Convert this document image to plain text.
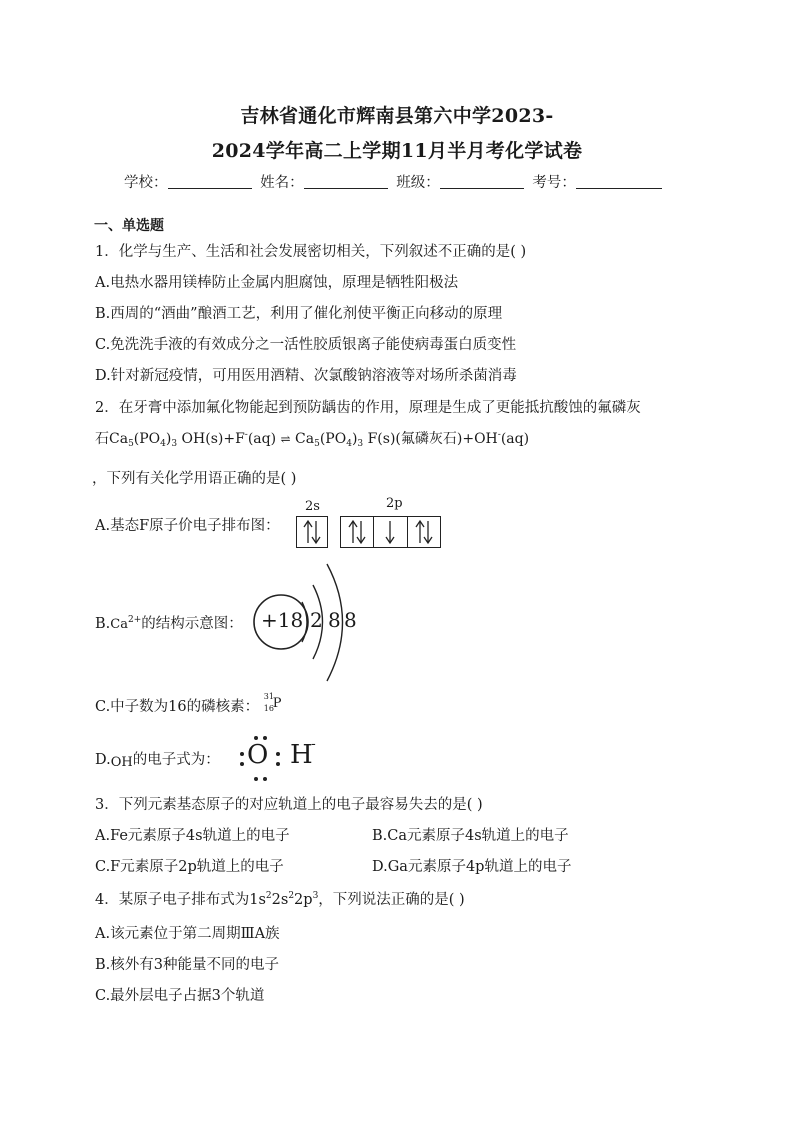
吉林省通化市辉南县第六中学2023-
2024学年高二上学期11月半月考化学试卷
学校：	姓名：	班级：	考号：
一、单选题
1．化学与生产、生活和社会发展密切相关，下列叙述不正确的是( )
A.电热水器用镁棒防止金属内胆腐蚀，原理是牺牲阳极法
B.西周的“酒曲”酿酒工艺，利用了催化剂使平衡正向移动的原理
C.免洗洗手液的有效成分之一活性胶质银离子能使病毒蛋白质变性
D.针对新冠疫情，可用医用酒精、次氯酸钠溶液等对场所杀菌消毒
2．在牙膏中添加氟化物能起到预防龋齿的作用，原理是生成了更能抵抗酸蚀的氟磷灰
石$Ca_5(PO_4)_3$ OH(s)+F-(aq) ⇌ $Ca_5(PO_4)_3$ F(s)(氟磷灰石)+OH-(aq)
，下列有关化学用语正确的是( )
A.基态F原子价电子排布图：
2s	2p
$B.Ca^{2+}$的结构示意图： +18 2 8 8
C.中子数为16的磷核素：
31
16
P
D.OH的电子式为： O H
-
3．下列元素基态原子的对应轨道上的电子最容易失去的是( )
A.Fe元素原子4s轨道上的电子	B.Ca元素原子4s轨道上的电子
C.F元素原子2p轨道上的电子	D.Ga元素原子4p轨道上的电子
4．某原子电子排布式为$1s^22s^22p^3$，下列说法正确的是( )
A.该元素位于第二周期ⅢA族
B.核外有3种能量不同的电子
C.最外层电子占据3个轨道
